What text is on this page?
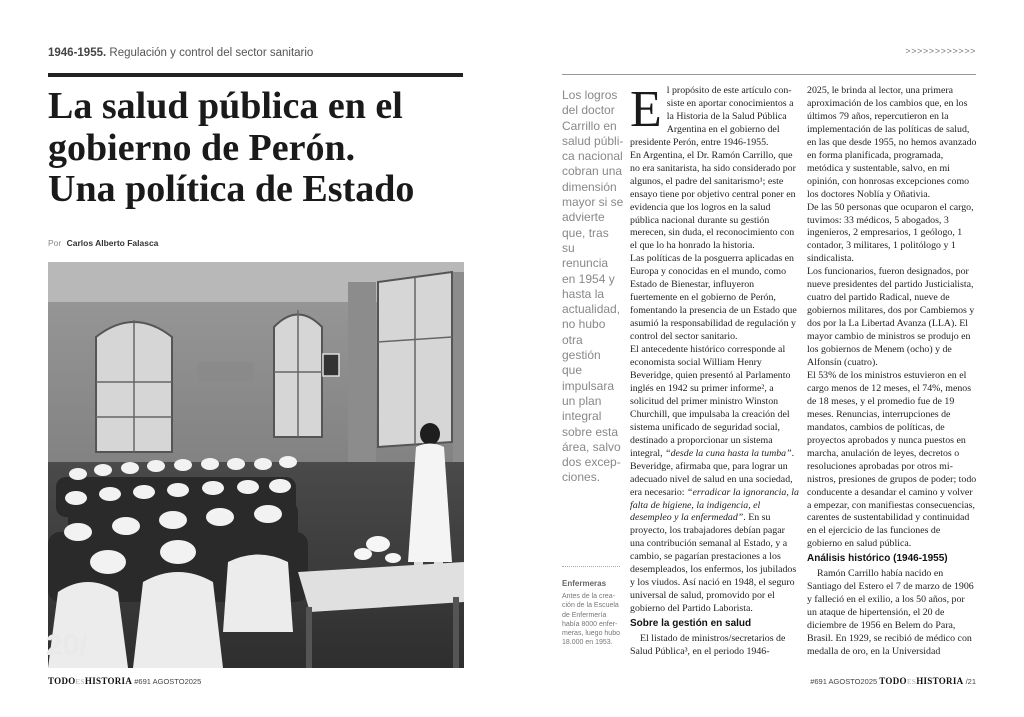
1946-1955. Regulación y control del sector sanitario	>>>>>>>>>>>>
La salud pública en el
gobierno de Perón.
Una política de Estado
Por Carlos Alberto Falasca
20/
TODOESHISTORIA #691 AGOSTO2025	#691 AGOSTO2025 TODOESHISTORIA /21
Los logros del doctor Carrillo en salud pública nacional cobran una dimensión mayor si se advierte que, tras su renuncia en 1954 y hasta la actualidad, no hubo otra gestión que impulsara un plan integral sobre esta área, salvo dos excepciones.
Enfermeras
Antes de la creación de la Escuela de Enfermería había 8000 enfermeras, luego hubo 18.000 en 1953.

El propósito de este artículo consiste en aportar conocimientos a la Historia de la Salud Pública Argentina en el gobierno del presidente Perón, entre 1946-1955.

En Argentina, el Dr. Ramón Carrillo, que no era sanitarista, ha sido considerado por algunos, el padre del sanitarismo¹; este ensayo tiene por objetivo central poner en evidencia que los logros en la salud pública nacional durante su gestión merecen, sin duda, el reconocimiento con el que lo ha honrado la historia.

Las políticas de la posguerra aplicadas en Europa y conocidas en el mundo, como Estado de Bienestar, influyeron fuertemente en el gobierno de Perón, fomentando la presencia de un Estado que asumió la responsabilidad de regulación y control del sector sanitario.

El antecedente histórico corresponde al economista social William Henry Beveridge, quien presentó al Parlamento inglés en 1942 su primer informe², a solicitud del primer ministro Winston Churchill, que impulsaba la creación del sistema unificado de seguridad social, destinado a proporcionar un sistema integral, “desde la cuna hasta la tumba”. Beveridge, afirmaba que, para lograr un adecuado nivel de salud en una sociedad, era necesario: “erradicar la ignorancia, la falta de higiene, la indigencia, el desempleo y la enfermedad”. En su proyecto, los trabajadores debían pagar una contribución semanal al Estado, y a cambio, se pagarían prestaciones a los desempleados, los enfermos, los jubilados y los viudos. Así nació en 1948, el seguro universal de salud, promovido por el gobierno del Partido Laborista.

Sobre la gestión en salud

El listado de ministros/secretarios de Salud Pública³, en el periodo 1946-

2025, le brinda al lector, una primera aproximación de los cambios que, en los últimos 79 años, repercutieron en la implementación de las políticas de salud, en las que desde 1955, no hemos avanzado en forma planificada, programada, metódica y sustentable, salvo, en mi opinión, con honrosas excepciones como los doctores Noblía y Oñativia.

De las 50 personas que ocuparon el cargo, tuvimos: 33 médicos, 5 abogados, 3 ingenieros, 2 empresarios, 1 geólogo, 1 contador, 3 militares, 1 politólogo y 1 sindicalista.

Los funcionarios, fueron designados, por nueve presidentes del partido Justicialista, cuatro del partido Radical, nueve de gobiernos militares, dos por Cambiemos y dos por la La Libertad Avanza (LLA). El mayor cambio de ministros se produjo en los gobiernos de Menem (ocho) y de Alfonsín (cuatro).

El 53% de los ministros estuvieron en el cargo menos de 12 meses, el 74%, menos de 18 meses, y el promedio fue de 19 meses. Renuncias, interrupciones de mandatos, cambios de políticas, de proyectos aprobados y nunca puestos en marcha, anulación de leyes, decretos o resoluciones aprobadas por otros ministros, presiones de grupos de poder; todo conducente a desandar el camino y volver a empezar, con manifiestas consecuencias, carentes de sustentabilidad y continuidad en el ejercicio de las funciones de gobierno en salud pública.

Análisis histórico (1946-1955)

Ramón Carrillo había nacido en Santiago del Estero el 7 de marzo de 1906 y falleció en el exilio, a los 50 años, por un ataque de hipertensión, el 20 de diciembre de 1956 en Belem do Para, Brasil. En 1929, se recibió de médico con medalla de oro, en la Universidad
